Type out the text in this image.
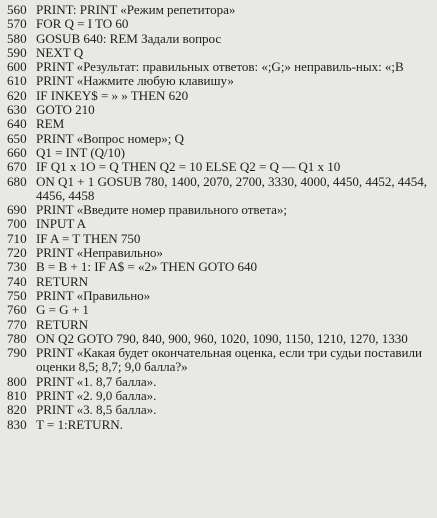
560 PRINT: PRINT «Режим репетитора»
570 FOR Q = I TO 60
580 GOSUB 640: REM Задали вопрос
590 NEXT Q
600 PRINT «Результат: правильных ответов: «;G;» неправиль-ных: «;B
610 PRINT «Нажмите любую клавишу»
620 IF INKEY$ = » » THEN 620
630 GOTO 210
640 REM
650 PRINT «Вопрос номер»; Q
660 Q1 = INT (Q/10)
670 IF Q1 x 1O = Q THEN Q2 = 10 ELSE Q2 = Q — Q1 x 10
680 ON Q1 + 1 GOSUB 780, 1400, 2070, 2700, 3330, 4000, 4450, 4452, 4454, 4456, 4458
690 PRINT «Введите номер правильного ответа»;
700 INPUT A
710 IF A = T THEN 750
720 PRINT «Неправильно»
730 B = B + 1: IF A$ = «2» THEN GOTO 640
740 RETURN
750 PRINT «Правильно»
760 G = G + 1
770 RETURN
780 ON Q2 GOTO 790, 840, 900, 960, 1020, 1090, 1150, 1210, 1270, 1330
790 PRINT «Какая будет окончательная оценка, если три судьи поставили оценки 8,5; 8,7; 9,0 балла?»
800 PRINT «1. 8,7 балла».
810 PRINT «2. 9,0 балла».
820 PRINT «3. 8,5 балла».
830 T = 1:RETURN.
